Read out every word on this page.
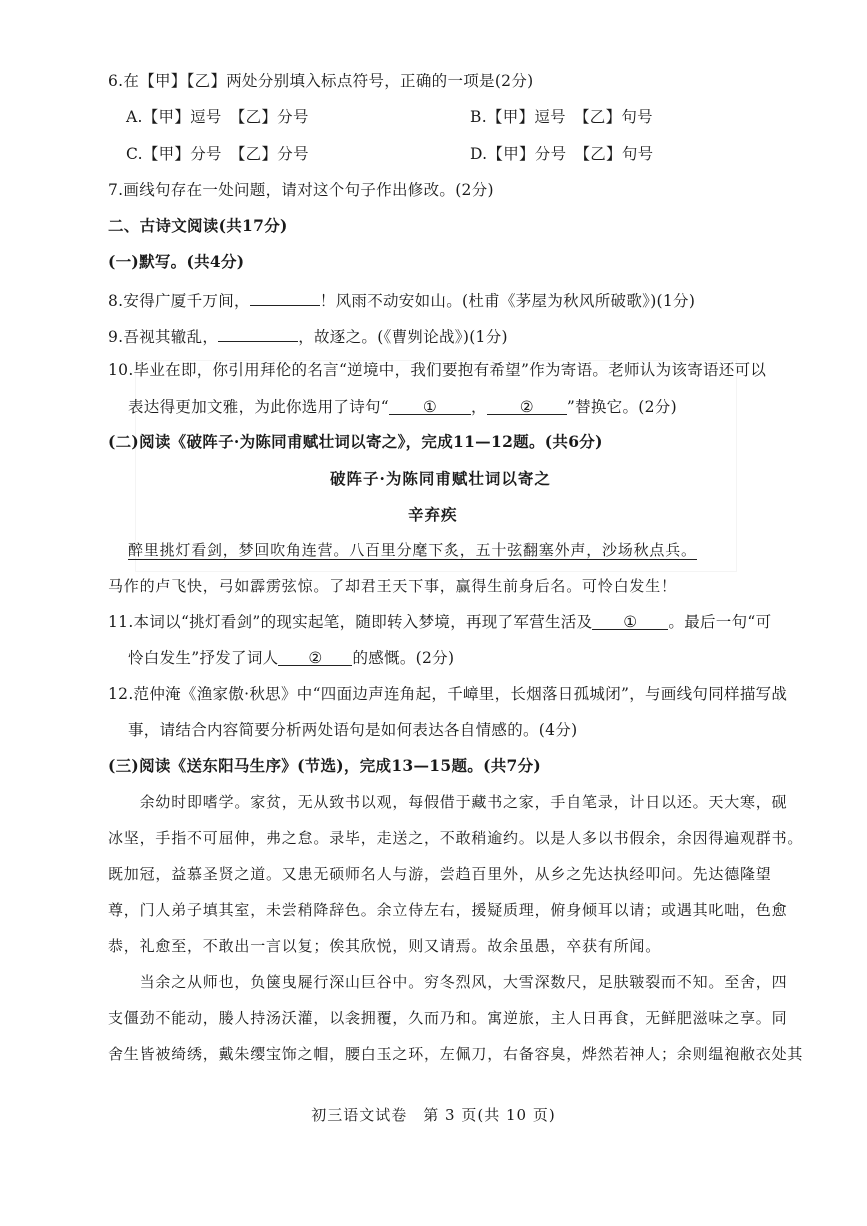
6.在【甲】【乙】两处分别填入标点符号，正确的一项是(2分)
A.【甲】逗号　【乙】分号	B.【甲】逗号　【乙】句号
C.【甲】分号　【乙】分号	D.【甲】分号　【乙】句号
7.画线句存在一处问题，请对这个句子作出修改。(2分)
二、古诗文阅读(共17分)
(一)默写。(共4分)
8.安得广厦千万间，	！风雨不动安如山。(杜甫《茅屋为秋风所破歌》)(1分)
9.吾视其辙乱，	，故逐之。(《曹刿论战》)(1分)
10.毕业在即，你引用拜伦的名言“逆境中，我们要抱有希望”作为寄语。老师认为该寄语还可以
表达得更加文雅，为此你选用了诗句“ ① ， ② ”替换它。(2分)
(二)阅读《破阵子·为陈同甫赋壮词以寄之》，完成11—12题。(共6分)
破阵子·为陈同甫赋壮词以寄之
辛弃疾
醉里挑灯看剑，梦回吹角连营。八百里分麾下炙，五十弦翻塞外声，沙场秋点兵。
马作的卢飞快，弓如霹雳弦惊。了却君王天下事，赢得生前身后名。可怜白发生！
11.本词以“挑灯看剑”的现实起笔，随即转入梦境，再现了军营生活及 ① 。最后一句“可
怜白发生”抒发了词人 ② 的感慨。(2分)
12.范仲淹《渔家傲·秋思》中“四面边声连角起，千嶂里，长烟落日孤城闭”，与画线句同样描写战
事，请结合内容简要分析两处语句是如何表达各自情感的。(4分)
(三)阅读《送东阳马生序》(节选)，完成13—15题。(共7分)
　　余幼时即嗜学。家贫，无从致书以观，每假借于藏书之家，手自笔录，计日以还。天大寒，砚
冰坚，手指不可屈伸，弗之怠。录毕，走送之，不敢稍逾约。以是人多以书假余，余因得遍观群书。
既加冠，益慕圣贤之道。又患无硕师名人与游，尝趋百里外，从乡之先达执经叩问。先达德隆望
尊，门人弟子填其室，未尝稍降辞色。余立侍左右，援疑质理，俯身倾耳以请；或遇其叱咄，色愈
恭，礼愈至，不敢出一言以复；俟其欣悦，则又请焉。故余虽愚，卒获有所闻。
　　当余之从师也，负箧曳屣行深山巨谷中。穷冬烈风，大雪深数尺，足肤皲裂而不知。至舍，四
支僵劲不能动，媵人持汤沃灌，以衾拥覆，久而乃和。寓逆旅，主人日再食，无鲜肥滋味之享。同
舍生皆被绮绣，戴朱缨宝饰之帽，腰白玉之环，左佩刀，右备容臭，烨然若神人；余则缊袍敝衣处其
初三语文试卷　第 3 页(共 10 页)
